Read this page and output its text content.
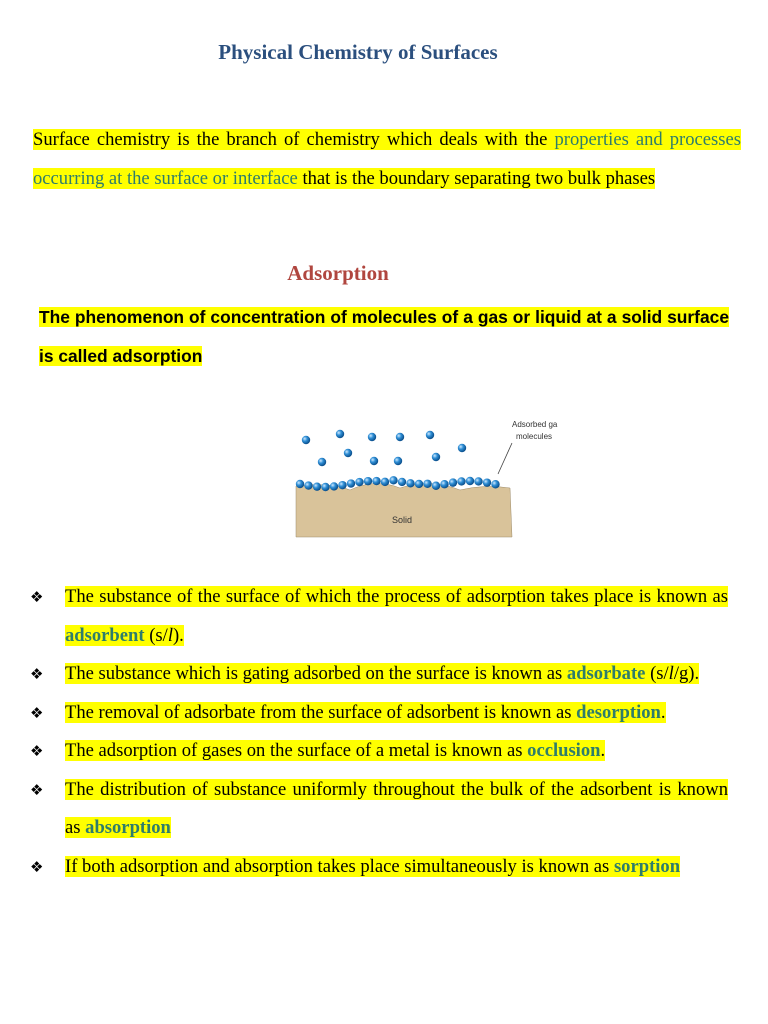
Physical Chemistry of Surfaces
Surface chemistry is the branch of chemistry which deals with the properties and processes occurring at the surface or interface that is the boundary separating two bulk phases
Adsorption
The phenomenon of concentration of molecules of a gas or liquid at a solid surface is called adsorption
Solid
Adsorbed ga
molecules
❖ The substance of the surface of which the process of adsorption takes place is known as adsorbent (s/l).
❖ The substance which is gating adsorbed on the surface is known as adsorbate (s/l/g).
❖ The removal of adsorbate from the surface of adsorbent is known as desorption.
❖ The adsorption of gases on the surface of a metal is known as occlusion.
❖ The distribution of substance uniformly throughout the bulk of the adsorbent is known as absorption
❖ If both adsorption and absorption takes place simultaneously is known as sorption
